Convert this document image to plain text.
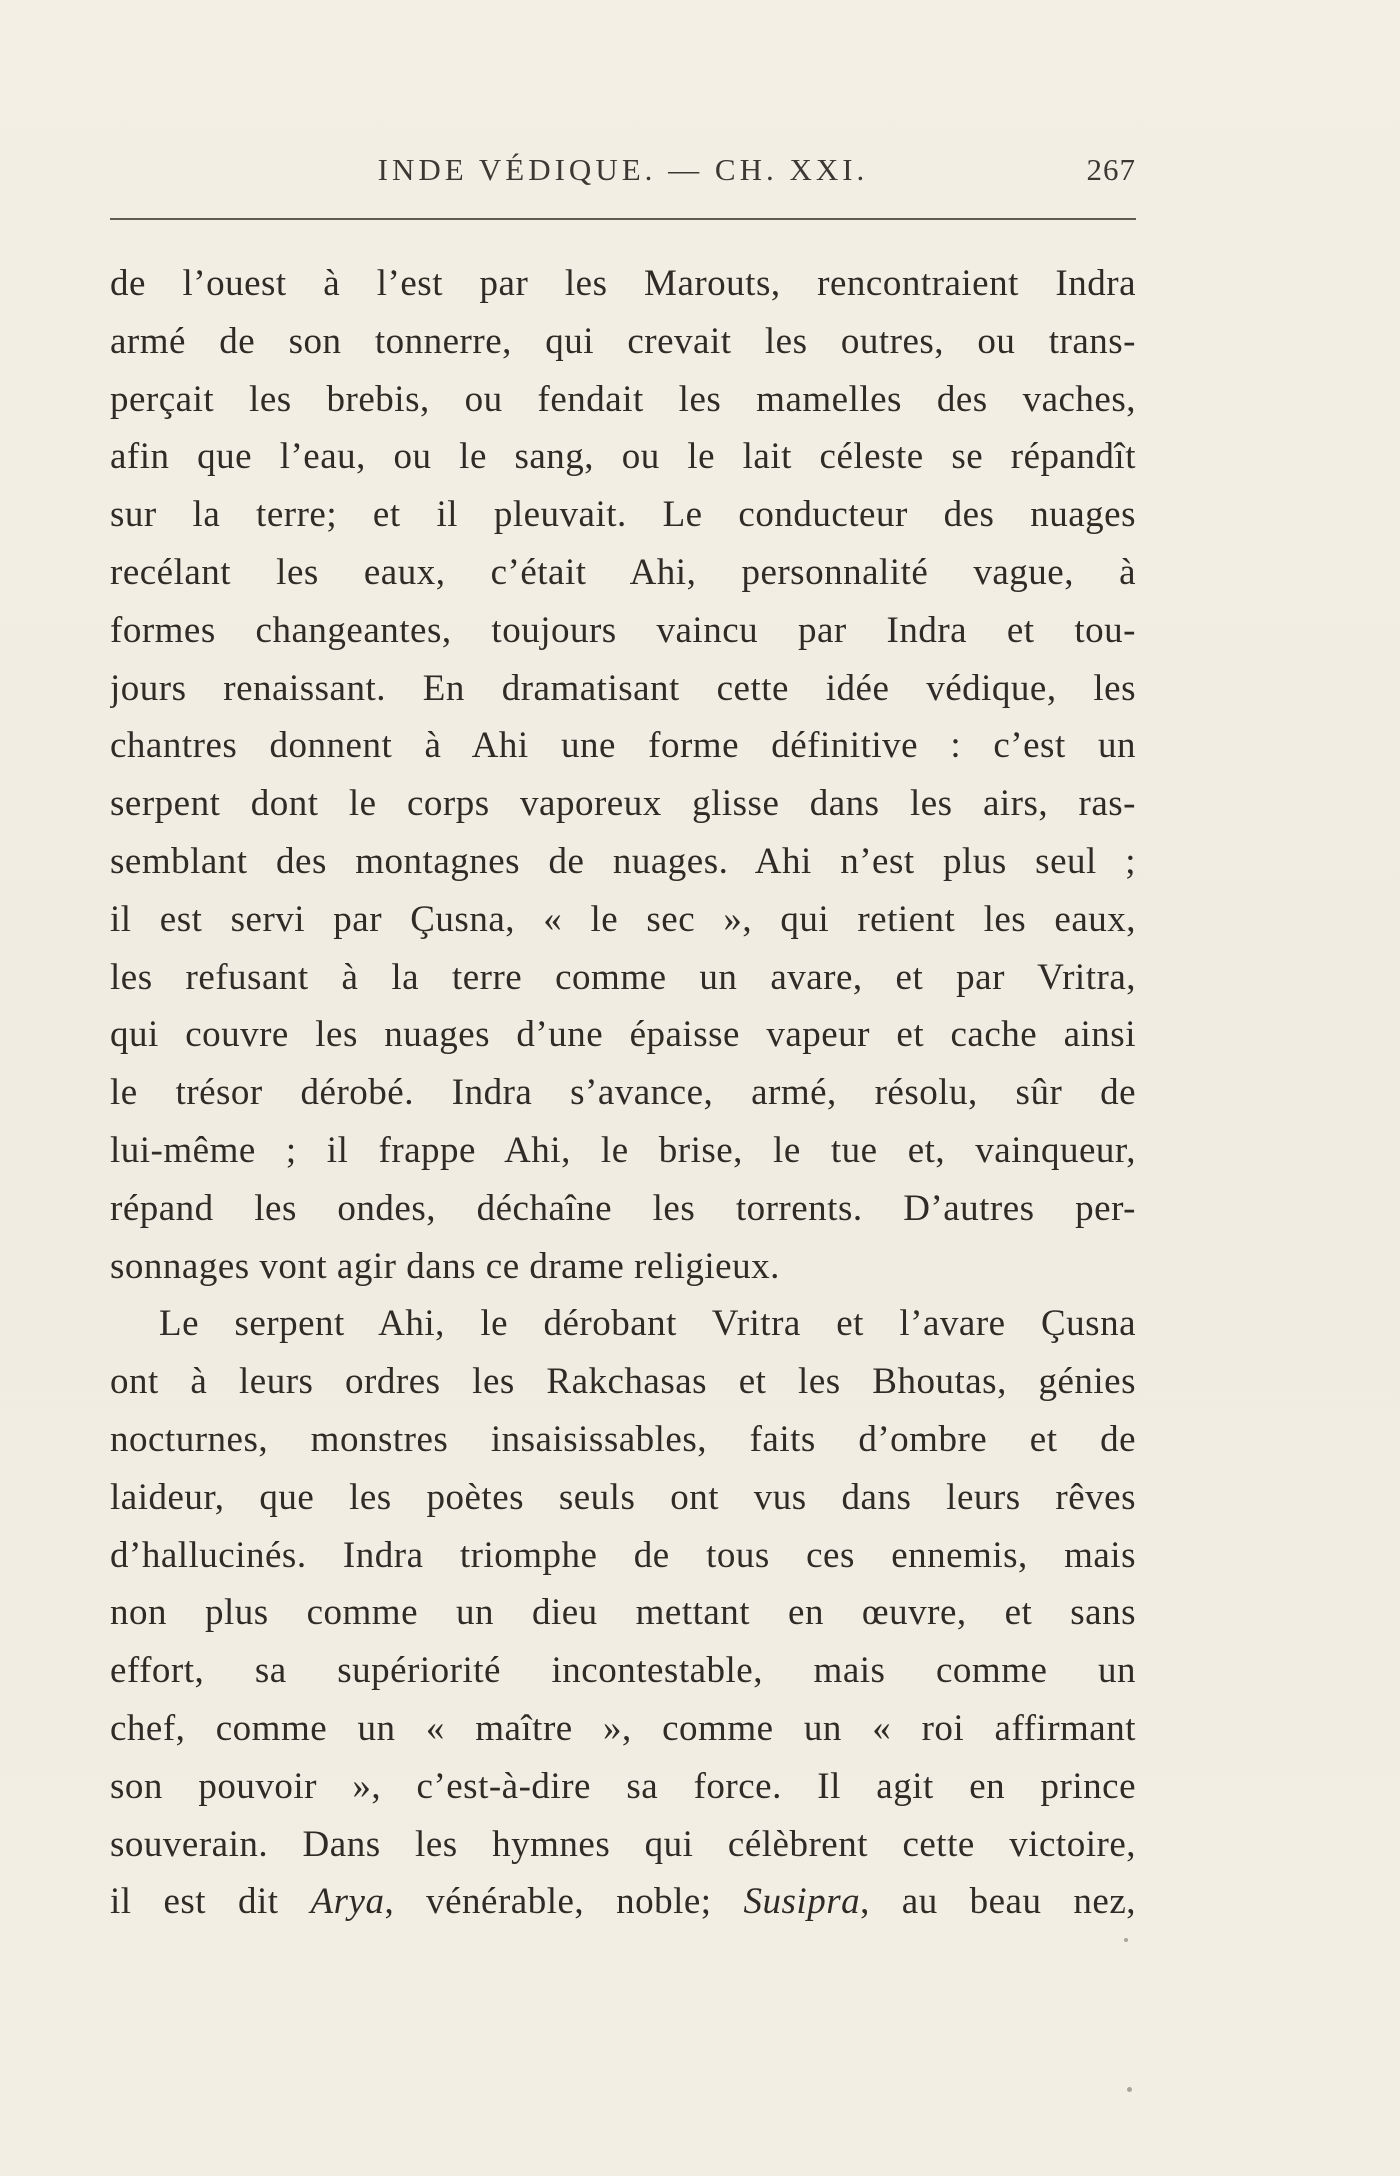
INDE VÉDIQUE. — CH. XXI.	267
de l’ouest à l’est par les Marouts, rencontraient Indra
armé de son tonnerre, qui crevait les outres, ou trans-
perçait les brebis, ou fendait les mamelles des vaches,
afin que l’eau, ou le sang, ou le lait céleste se répandît
sur la terre; et il pleuvait. Le conducteur des nuages
recélant les eaux, c’était Ahi, personnalité vague, à
formes changeantes, toujours vaincu par Indra et tou-
jours renaissant. En dramatisant cette idée védique, les
chantres donnent à Ahi une forme définitive : c’est un
serpent dont le corps vaporeux glisse dans les airs, ras-
semblant des montagnes de nuages. Ahi n’est plus seul ;
il est servi par Çusna, « le sec », qui retient les eaux,
les refusant à la terre comme un avare, et par Vritra,
qui couvre les nuages d’une épaisse vapeur et cache ainsi
le trésor dérobé. Indra s’avance, armé, résolu, sûr de
lui-même ; il frappe Ahi, le brise, le tue et, vainqueur,
répand les ondes, déchaîne les torrents. D’autres per-
sonnages vont agir dans ce drame religieux.
Le serpent Ahi, le dérobant Vritra et l’avare Çusna
ont à leurs ordres les Rakchasas et les Bhoutas, génies
nocturnes, monstres insaisissables, faits d’ombre et de
laideur, que les poètes seuls ont vus dans leurs rêves
d’hallucinés. Indra triomphe de tous ces ennemis, mais
non plus comme un dieu mettant en œuvre, et sans
effort, sa supériorité incontestable, mais comme un
chef, comme un « maître », comme un « roi affirmant
son pouvoir », c’est-à-dire sa force. Il agit en prince
souverain. Dans les hymnes qui célèbrent cette victoire,
il est dit Arya, vénérable, noble; Susipra, au beau nez,
